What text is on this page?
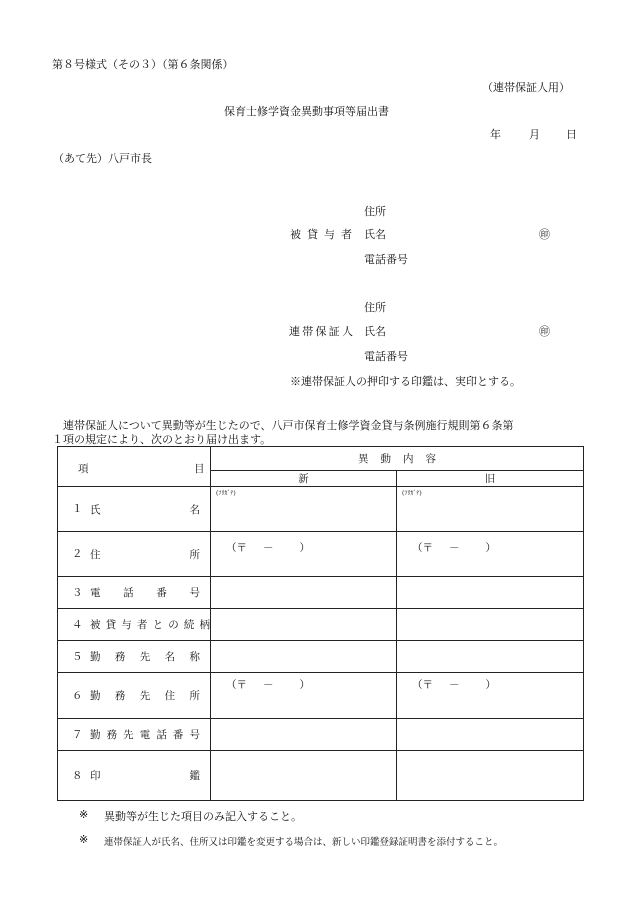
第８号様式（その３）（第６条関係）
（連帯保証人用）
保育士修学資金異動事項等届出書
年	月 日
（あて先）八戸市長
住所
被貸与者 氏名	㊞
電話番号
住所
連帯保証人 氏名	㊞
電話番号
※連帯保証人の押印する印鑑は、実印とする。
連帯保証人について異動等が生じたので、八戸市保育士修学資金貸与条例施行規則第６条第
１項の規定により、次のとおり届け出ます。
項 目	異動内容	
	新	旧
１ 氏名	(ﾌﾘｶﾞﾅ)	(ﾌﾘｶﾞﾅ)

２ 住所	（〒 － ）	（〒 － ）

３ 電話番号		
４ 被貸与者との続柄		
５ 勤務先名称		
６ 勤務先住所	（〒 － ）	（〒 － ）

７ 勤務先電話番号		
８ 印鑑		
※ 異動等が生じた項目のみ記入すること。
※ 連帯保証人が氏名、住所又は印鑑を変更する場合は、新しい印鑑登録証明書を添付すること。
